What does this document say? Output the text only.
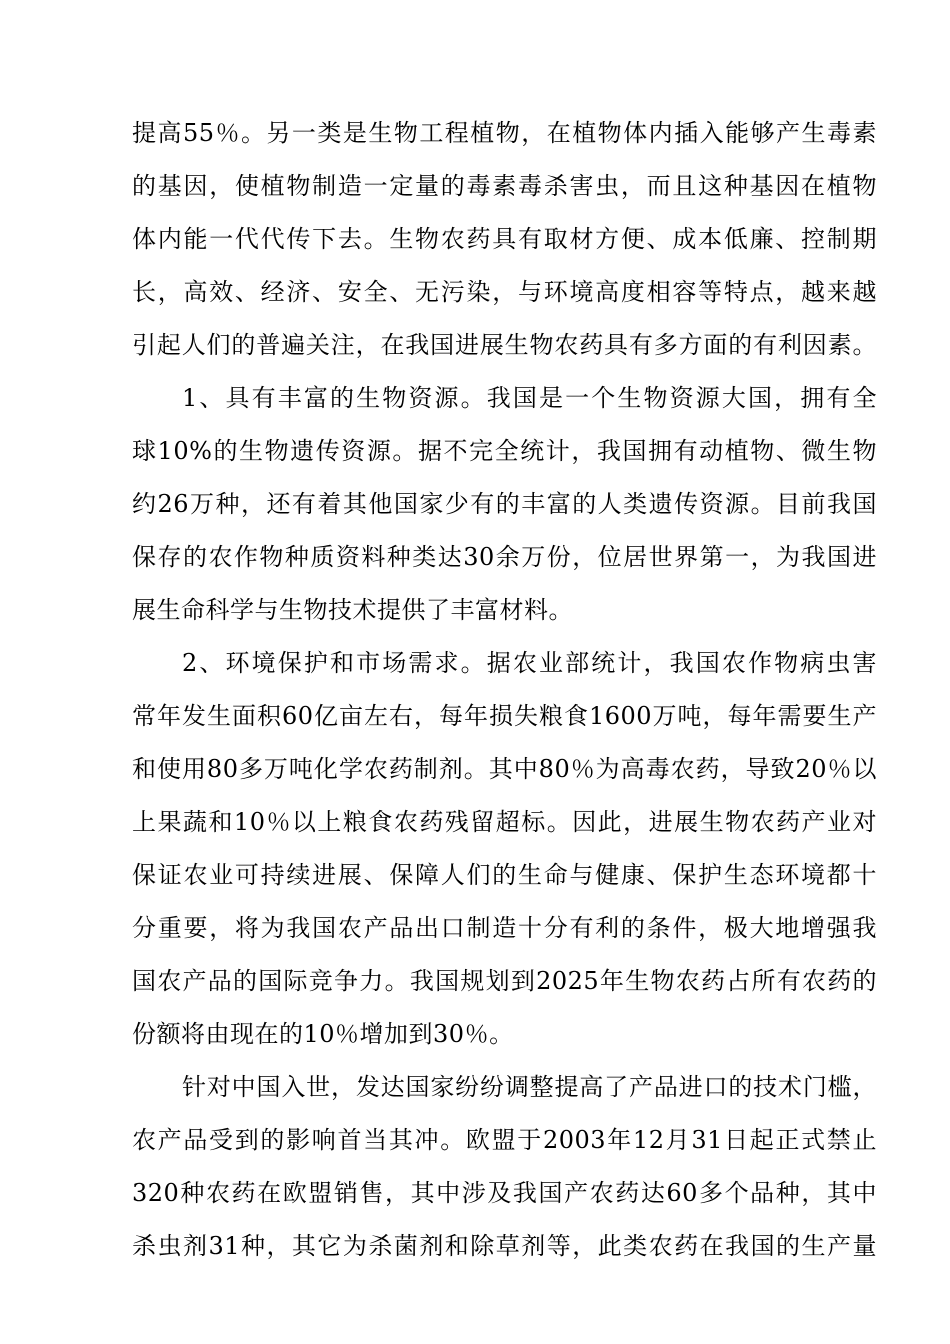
提高55％。另一类是生物工程植物，在植物体内插入能够产生毒素
的基因，使植物制造一定量的毒素毒杀害虫，而且这种基因在植物
体内能一代代传下去。生物农药具有取材方便、成本低廉、控制期
长，高效、经济、安全、无污染，与环境高度相容等特点，越来越
引起人们的普遍关注，在我国进展生物农药具有多方面的有利因素。
1、具有丰富的生物资源。我国是一个生物资源大国，拥有全
球10%的生物遗传资源。据不完全统计，我国拥有动植物、微生物
约26万种，还有着其他国家少有的丰富的人类遗传资源。目前我国
保存的农作物种质资料种类达30余万份，位居世界第一，为我国进
展生命科学与生物技术提供了丰富材料。
2、环境保护和市场需求。据农业部统计，我国农作物病虫害
常年发生面积60亿亩左右，每年损失粮食1600万吨，每年需要生产
和使用80多万吨化学农药制剂。其中80％为高毒农药，导致20％以
上果蔬和10％以上粮食农药残留超标。因此，进展生物农药产业对
保证农业可持续进展、保障人们的生命与健康、保护生态环境都十
分重要，将为我国农产品出口制造十分有利的条件，极大地增强我
国农产品的国际竞争力。我国规划到2025年生物农药占所有农药的
份额将由现在的10％增加到30％。
针对中国入世，发达国家纷纷调整提高了产品进口的技术门槛，
农产品受到的影响首当其冲。欧盟于2003年12月31日起正式禁止
320种农药在欧盟销售，其中涉及我国产农药达60多个品种，其中
杀虫剂31种，其它为杀菌剂和除草剂等，此类农药在我国的生产量
